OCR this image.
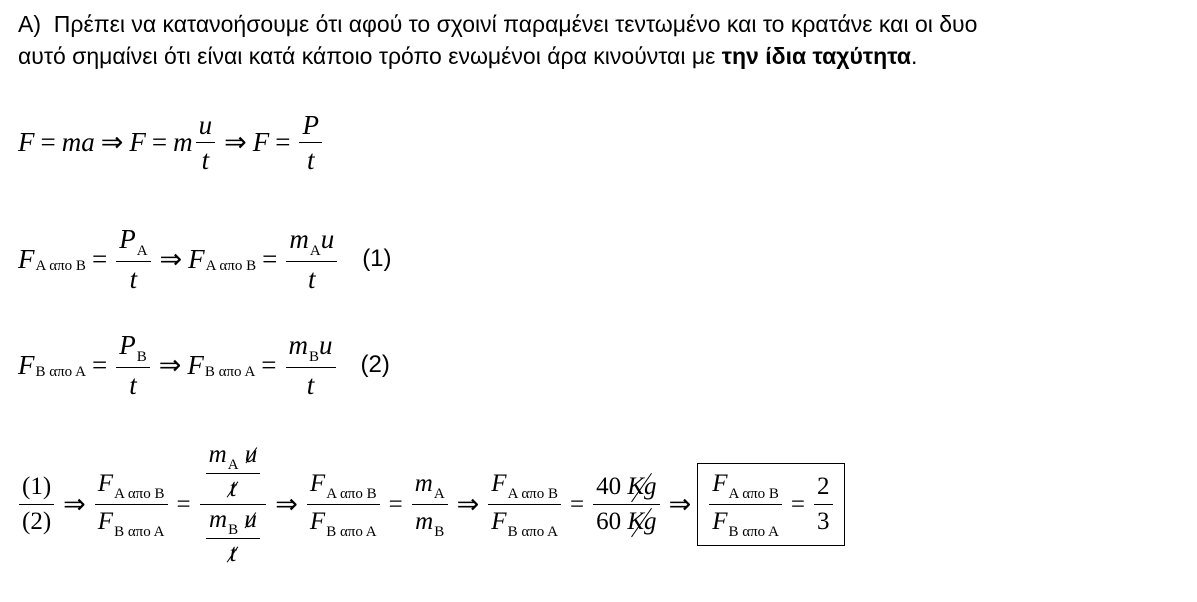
Α) Πρέπει να κατανοήσουμε ότι αφού το σχοινί παραμένει τεντωμένο και το κρατάνε και οι δυο
αυτό σημαίνει ότι είναι κατά κάποιο τρόπο ενωμένοι άρα κινούνται με την ίδια ταχύτητα.
F = ma ⇒ F = m $\frac{u}{t}$ ⇒ $F = \frac{P}{t}$
F Α απο $B = \frac{P_A}{t}$ ⇒ F Α απο $B = \frac{m_Au}{t} (1)$
F Β απο $A = \frac{P_B}{t}$ ⇒ F Β απο $A = \frac{m_Bu}{t} (2)$
$\frac{(1)}{(2)}$ ⇒ $\frac{F_{A \alpha\pi o B}}{F_{B \alpha\pi o A}} = \frac{\frac{m_A u}{t}}{\frac{m_B u}{t}}$ ⇒ $\frac{F_{A \alpha\pi o B}}{F_{B \alpha\pi o A}} = \frac{m_A}{m_B}$ ⇒ $\frac{F_{A \alpha\pi o B}}{F_{B \alpha\pi o A}} = \frac{40 Kg}{60 Kg}$ ⇒ $\frac{F_{A \alpha\pi o B}}{F_{B \alpha\pi o A}} = \frac{2}{3}$
